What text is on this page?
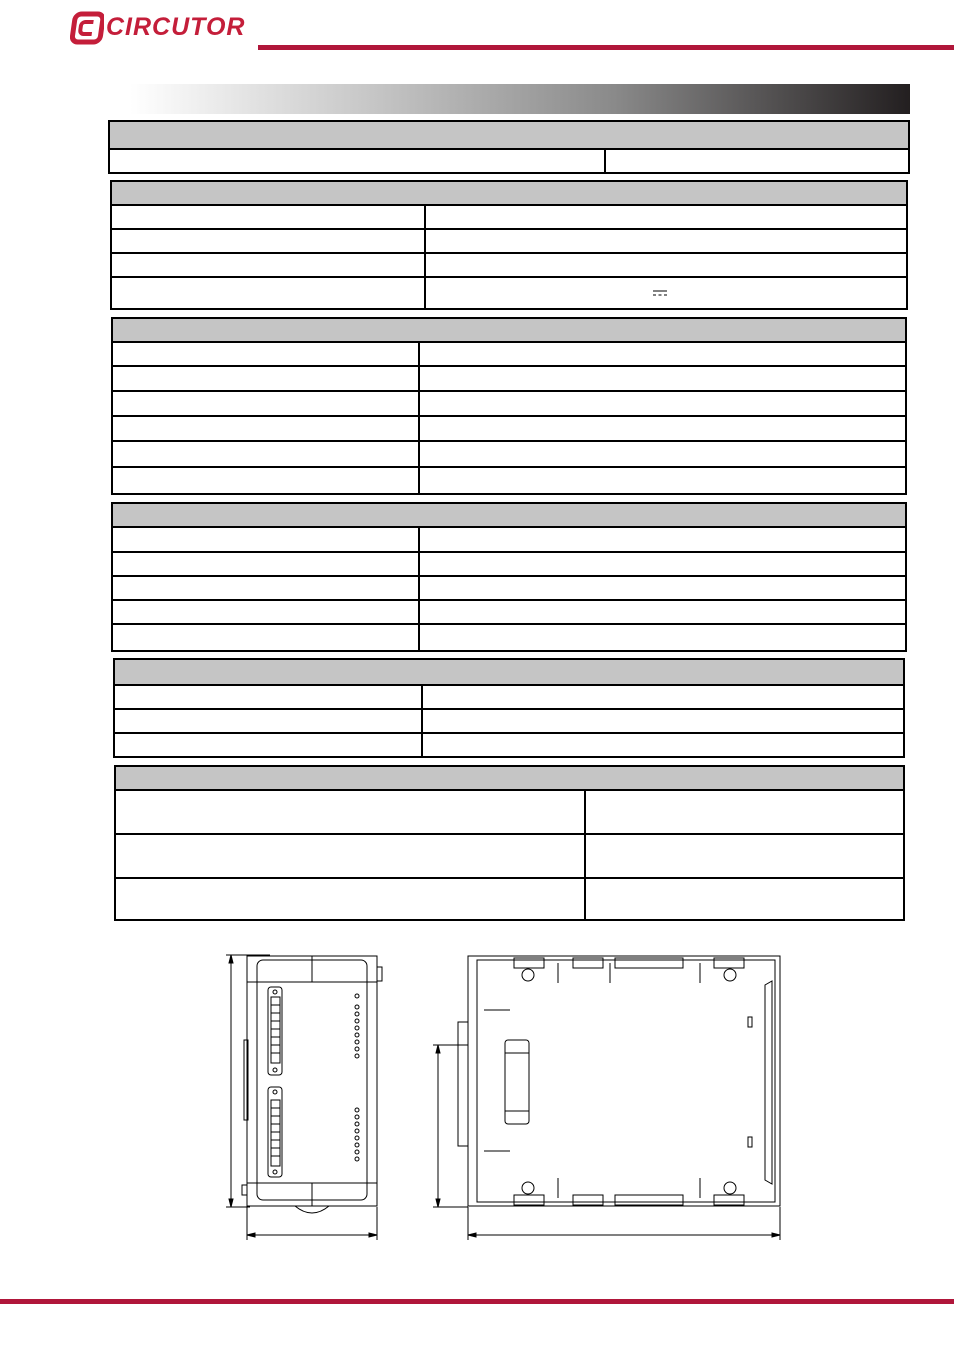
CIRCUTOR
